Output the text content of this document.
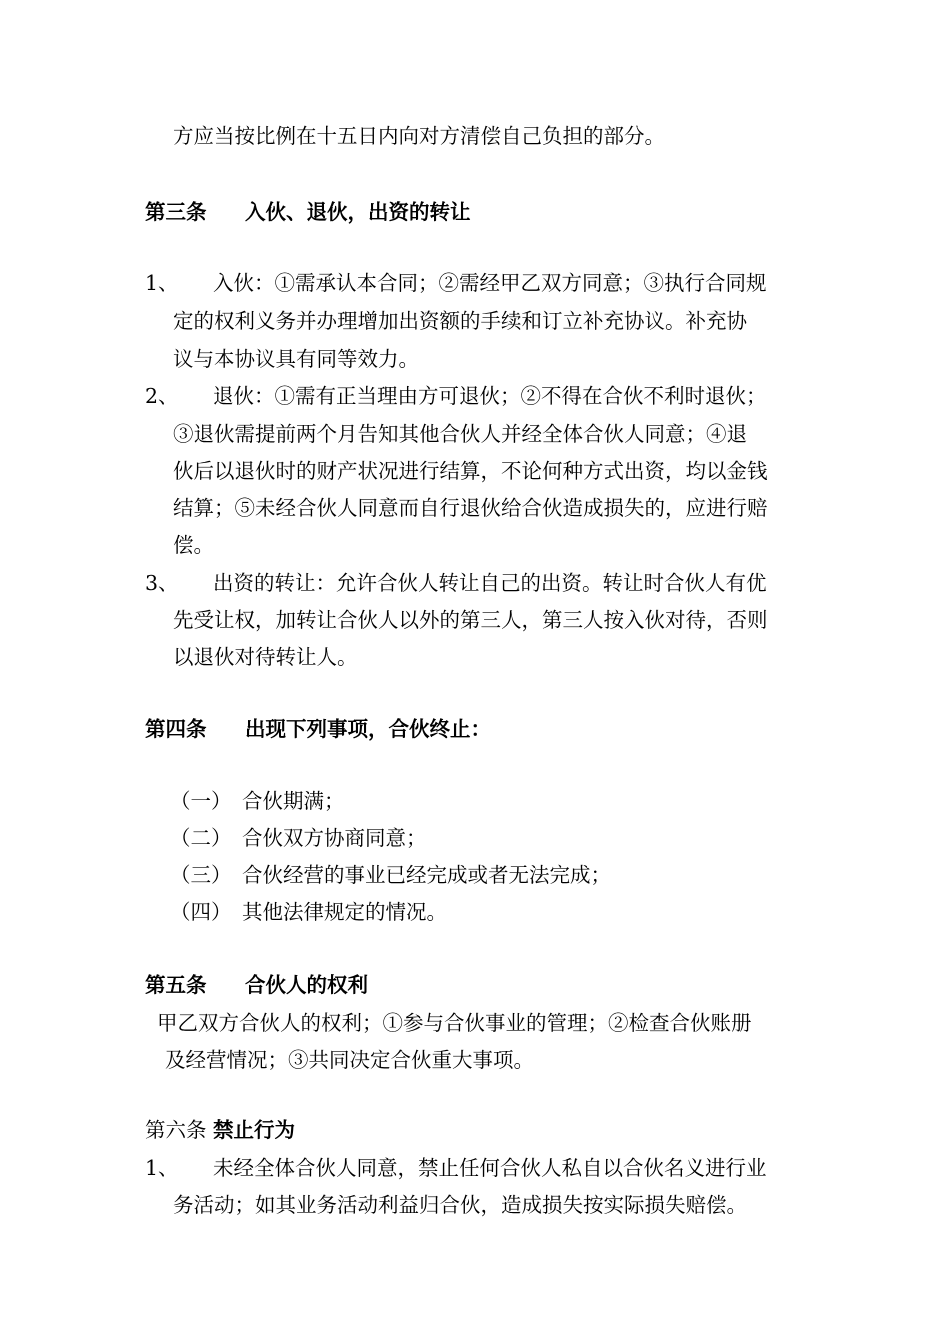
方应当按比例在十五日内向对方清偿自己负担的部分。
第三条 入伙、退伙，出资的转让
1、 入伙：①需承认本合同；②需经甲乙双方同意；③执行合同规
定的权利义务并办理增加出资额的手续和订立补充协议。补充协
议与本协议具有同等效力。
2、 退伙：①需有正当理由方可退伙；②不得在合伙不利时退伙；
③退伙需提前两个月告知其他合伙人并经全体合伙人同意；④退
伙后以退伙时的财产状况进行结算，不论何种方式出资，均以金钱
结算；⑤未经合伙人同意而自行退伙给合伙造成损失的，应进行赔
偿。
3、 出资的转让：允许合伙人转让自己的出资。转让时合伙人有优
先受让权，加转让合伙人以外的第三人，第三人按入伙对待，否则
以退伙对待转让人。
第四条 出现下列事项，合伙终止：
（一） 合伙期满；
（二） 合伙双方协商同意；
（三） 合伙经营的事业已经完成或者无法完成；
（四） 其他法律规定的情况。
第五条 合伙人的权利
甲乙双方合伙人的权利；①参与合伙事业的管理；②检查合伙账册
及经营情况；③共同决定合伙重大事项。
第六条 禁止行为
1、 未经全体合伙人同意，禁止任何合伙人私自以合伙名义进行业
务活动；如其业务活动利益归合伙，造成损失按实际损失赔偿。
